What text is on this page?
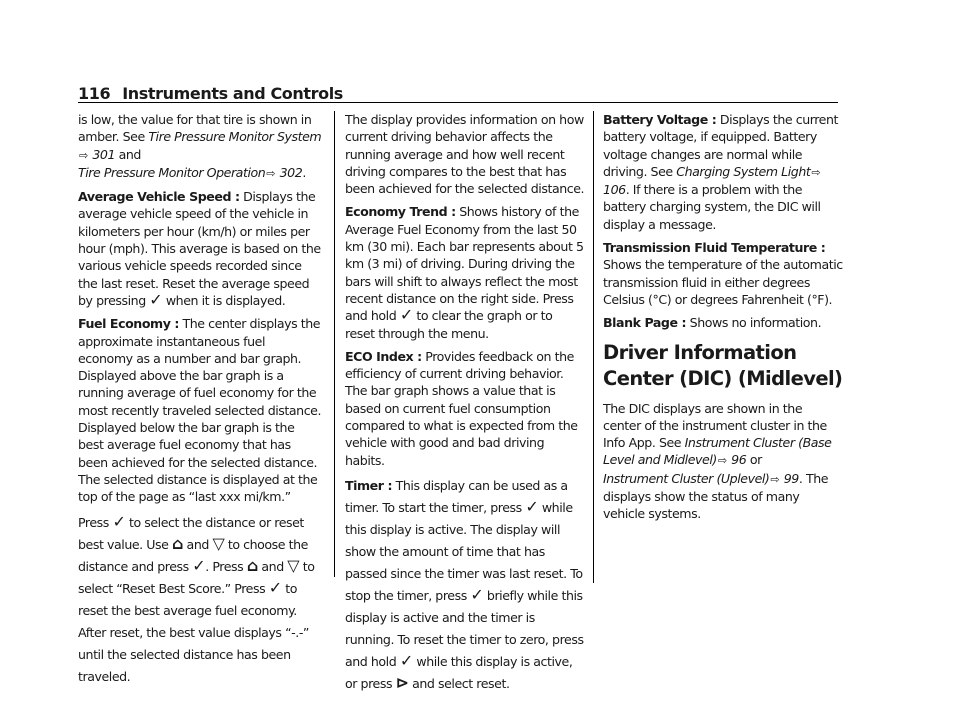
116 Instruments and Controls

is low, the value for that tire is shown in amber. See Tire Pressure Monitor System
⇨ 301 and
Tire Pressure Monitor Operation⇨ 302.

Average Vehicle Speed : Displays the average vehicle speed of the vehicle in kilometers per hour (km/h) or miles per hour (mph). This average is based on the various vehicle speeds recorded since the last reset. Reset the average speed by pressing ✓ when it is displayed.

Fuel Economy : The center displays the approximate instantaneous fuel economy as a number and bar graph. Displayed above the bar graph is a running average of fuel economy for the most recently traveled selected distance. Displayed below the bar graph is the best average fuel economy that has been achieved for the selected distance. The selected distance is displayed at the top of the page as “last xxx mi/km.”

Press ✓ to select the distance or reset best value. Use ⌂ and ▽ to choose the distance and press ✓. Press ⌂ and ▽ to select “Reset Best Score.” Press ✓ to reset the best average fuel economy. After reset, the best value displays “-.-” until the selected distance has been traveled.

The display provides information on how current driving behavior affects the running average and how well recent driving compares to the best that has been achieved for the selected distance.

Economy Trend : Shows history of the Average Fuel Economy from the last 50 km (30 mi). Each bar represents about 5 km (3 mi) of driving. During driving the bars will shift to always reflect the most recent distance on the right side. Press and hold ✓ to clear the graph or to reset through the menu.

ECO Index : Provides feedback on the efficiency of current driving behavior. The bar graph shows a value that is based on current fuel consumption compared to what is expected from the vehicle with good and bad driving habits.

Timer : This display can be used as a timer. To start the timer, press ✓ while this display is active. The display will show the amount of time that has passed since the timer was last reset. To stop the timer, press ✓ briefly while this display is active and the timer is running. To reset the timer to zero, press and hold ✓ while this display is active, or press ⊳ and select reset.

Battery Voltage : Displays the current battery voltage, if equipped. Battery voltage changes are normal while driving. See Charging System Light⇨ 106. If there is a problem with the battery charging system, the DIC will display a message.

Transmission Fluid Temperature : Shows the temperature of the automatic transmission fluid in either degrees Celsius (°C) or degrees Fahrenheit (°F).

Blank Page : Shows no information.

Driver Information Center (DIC) (Midlevel)

The DIC displays are shown in the center of the instrument cluster in the Info App. See Instrument Cluster (Base Level and Midlevel)⇨ 96 or
Instrument Cluster (Uplevel)⇨ 99. The displays show the status of many vehicle systems.
